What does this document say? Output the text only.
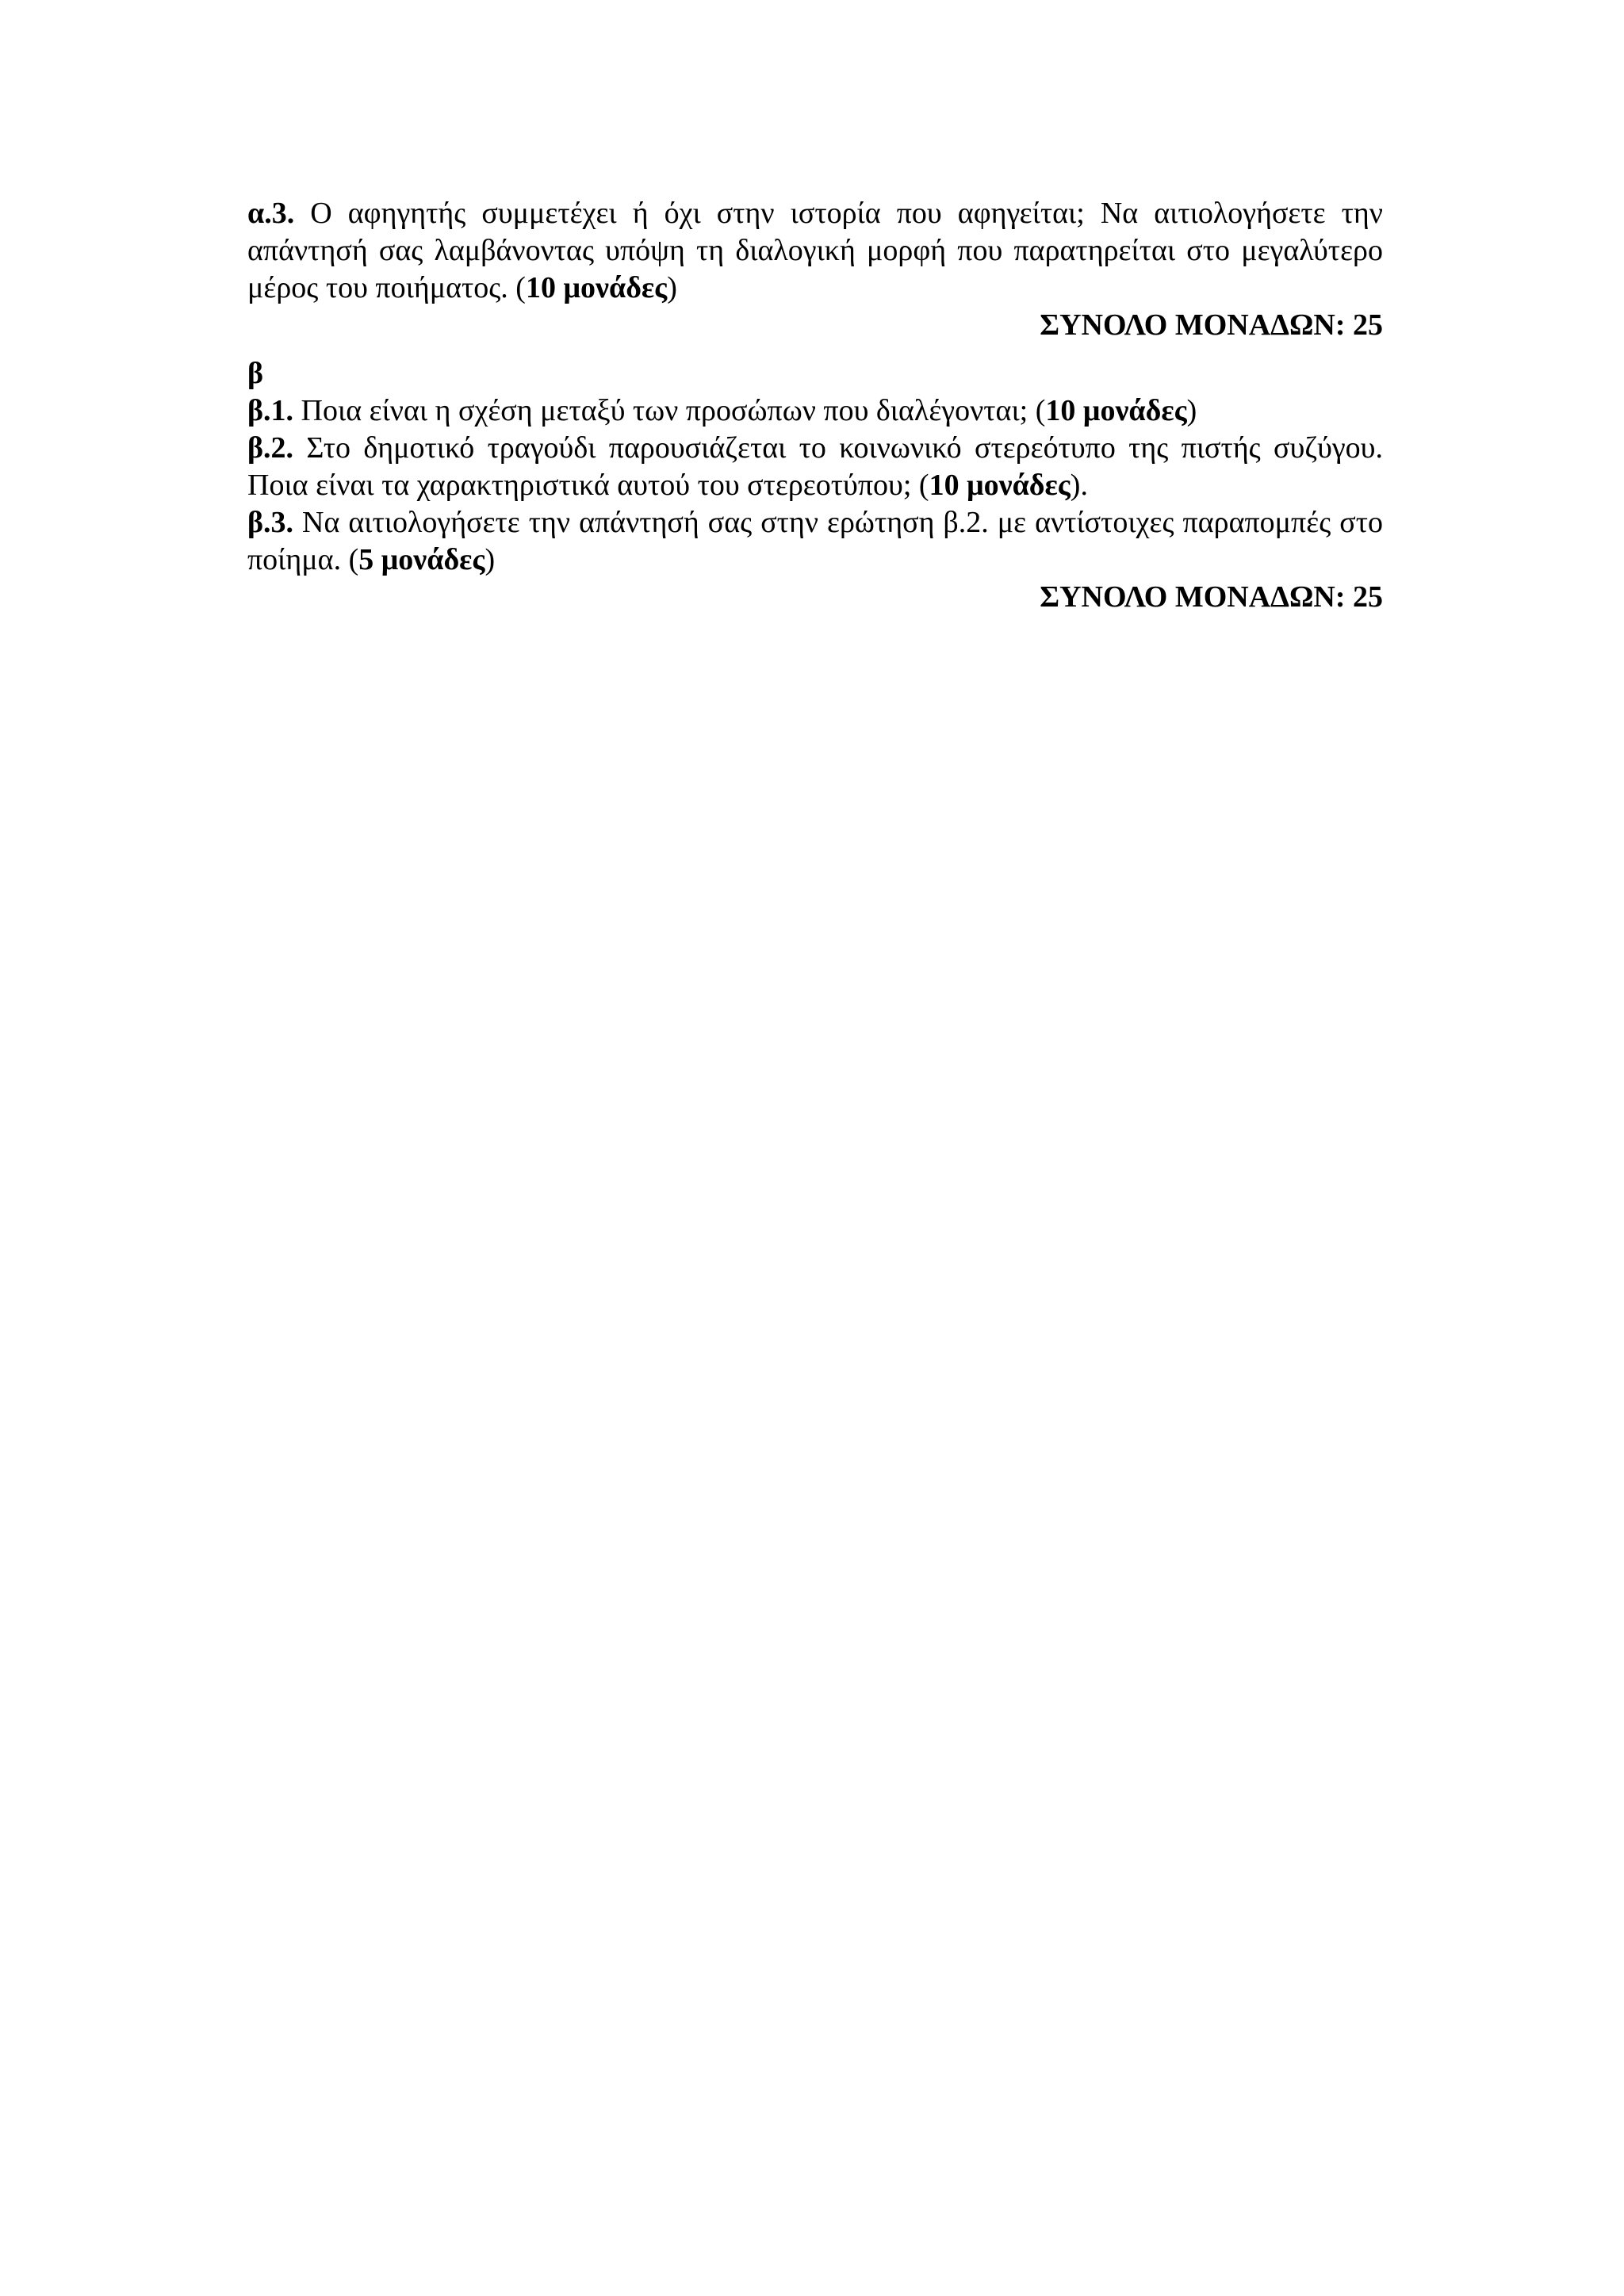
α.3. Ο αφηγητής συμμετέχει ή όχι στην ιστορία που αφηγείται; Να αιτιολογήσετε την απάντησή σας λαμβάνοντας υπόψη τη διαλογική μορφή που παρατηρείται στο μεγαλύτερο μέρος του ποιήματος. (10 μονάδες)

ΣΥΝΟΛΟ ΜΟΝΑΔΩΝ: 25

β

β.1. Ποια είναι η σχέση μεταξύ των προσώπων που διαλέγονται; (10 μονάδες)

β.2. Στο δημοτικό τραγούδι παρουσιάζεται το κοινωνικό στερεότυπο της πιστής συζύγου. Ποια είναι τα χαρακτηριστικά αυτού του στερεοτύπου; (10 μονάδες).

β.3. Να αιτιολογήσετε την απάντησή σας στην ερώτηση β.2. με αντίστοιχες παραπομπές στο ποίημα. (5 μονάδες)

ΣΥΝΟΛΟ ΜΟΝΑΔΩΝ: 25
